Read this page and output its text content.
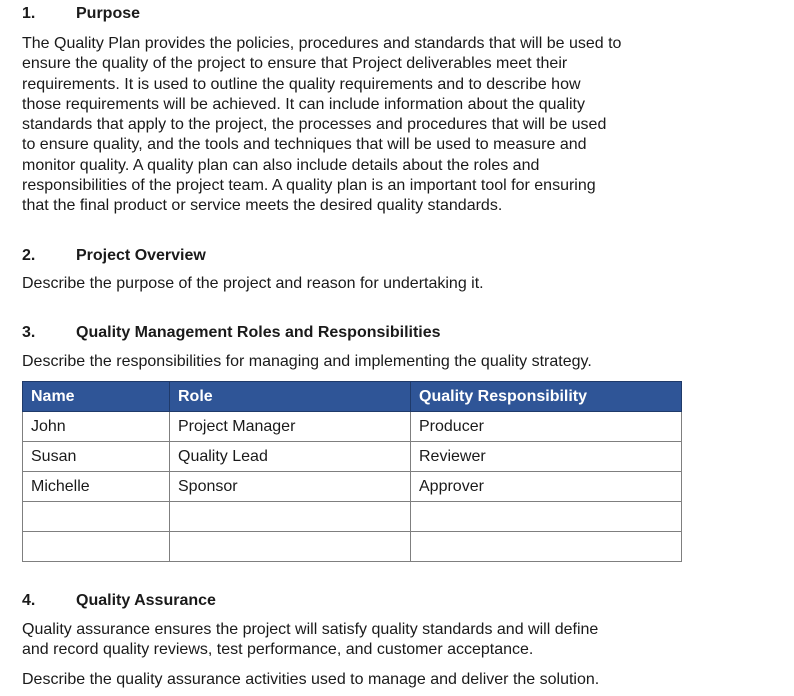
1.	Purpose
The Quality Plan provides the policies, procedures and standards that will be used to
ensure the quality of the project to ensure that Project deliverables meet their
requirements. It is used to outline the quality requirements and to describe how
those requirements will be achieved. It can include information about the quality
standards that apply to the project, the processes and procedures that will be used
to ensure quality, and the tools and techniques that will be used to measure and
monitor quality. A quality plan can also include details about the roles and
responsibilities of the project team. A quality plan is an important tool for ensuring
that the final product or service meets the desired quality standards.
2.	Project Overview
Describe the purpose of the project and reason for undertaking it.
3.	Quality Management Roles and Responsibilities
Describe the responsibilities for managing and implementing the quality strategy.
Name	Role	Quality Responsibility
John	Project Manager	Producer
Susan	Quality Lead	Reviewer
Michelle	Sponsor	Approver

4.	Quality Assurance
Quality assurance ensures the project will satisfy quality standards and will define
and record quality reviews, test performance, and customer acceptance.
Describe the quality assurance activities used to manage and deliver the solution.
